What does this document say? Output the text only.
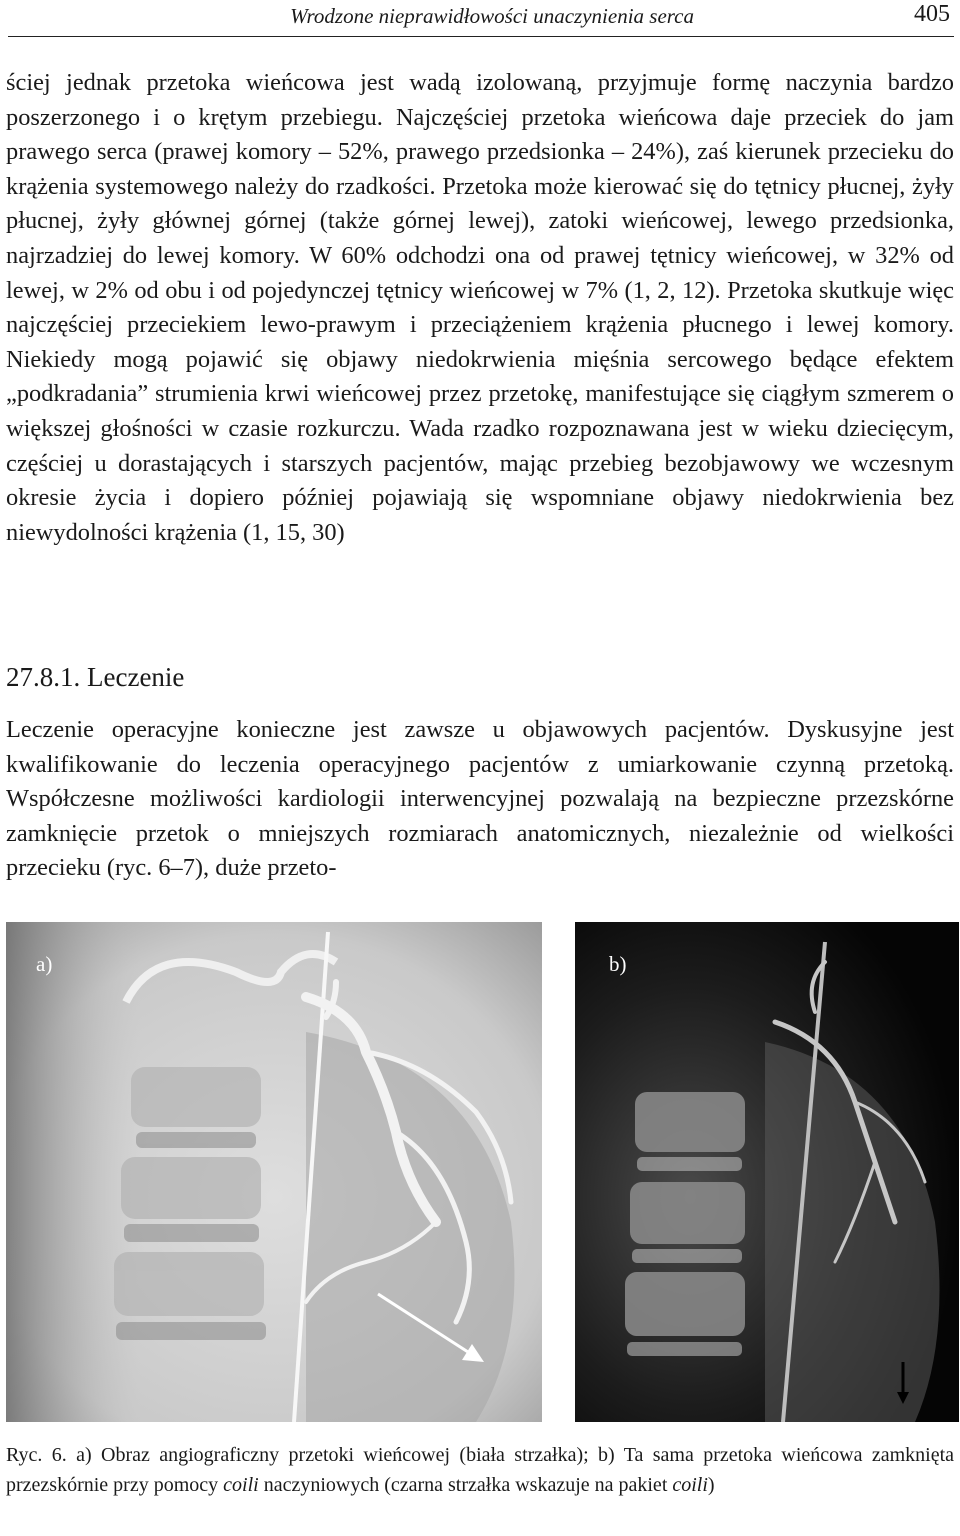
Wrodzone nieprawidłowości unaczynienia serca	405

ściej jednak przetoka wieńcowa jest wadą izolowaną, przyjmuje formę naczynia bardzo poszerzonego i o krętym przebiegu. Najczęściej przetoka wieńcowa daje przeciek do jam prawego serca (prawej komory – 52%, prawego przedsionka – 24%), zaś kierunek przecieku do krążenia systemowego należy do rzadkości. Przetoka może kierować się do tętnicy płucnej, żyły płucnej, żyły głównej górnej (także górnej lewej), zatoki wieńcowej, lewego przedsionka, najrzadziej do lewej komory. W 60% odchodzi ona od prawej tętnicy wieńcowej, w 32% od lewej, w 2% od obu i od pojedynczej tętnicy wieńcowej w 7% (1, 2, 12). Przetoka skutkuje więc najczęściej przeciekiem lewo-prawym i przeciążeniem krążenia płucnego i lewej komory. Niekiedy mogą pojawić się objawy niedokrwienia mięśnia sercowego będące efektem „podkradania” strumienia krwi wieńcowej przez przetokę, manifestujące się ciągłym szmerem o większej głośności w czasie rozkurczu. Wada rzadko rozpoznawana jest w wieku dziecięcym, częściej u dorastających i starszych pacjentów, mając przebieg bezobjawowy we wczesnym okresie życia i dopiero później pojawiają się wspomniane objawy niedokrwienia bez niewydolności krążenia (1, 15, 30)

27.8.1. Leczenie

Leczenie operacyjne konieczne jest zawsze u objawowych pacjentów. Dyskusyjne jest kwalifikowanie do leczenia operacyjnego pacjentów z umiarkowanie czynną przetoką. Współczesne możliwości kardiologii interwencyjnej pozwalają na bezpieczne przezskórne zamknięcie przetok o mniejszych rozmiarach anatomicznych, niezależnie od wielkości przecieku (ryc. 6–7), duże przeto-

a)	b)

Ryc. 6. a) Obraz angiograficzny przetoki wieńcowej (biała strzałka); b) Ta sama przetoka wieńcowa zamknięta przezskórnie przy pomocy coili naczyniowych (czarna strzałka wskazuje na pakiet coili)
